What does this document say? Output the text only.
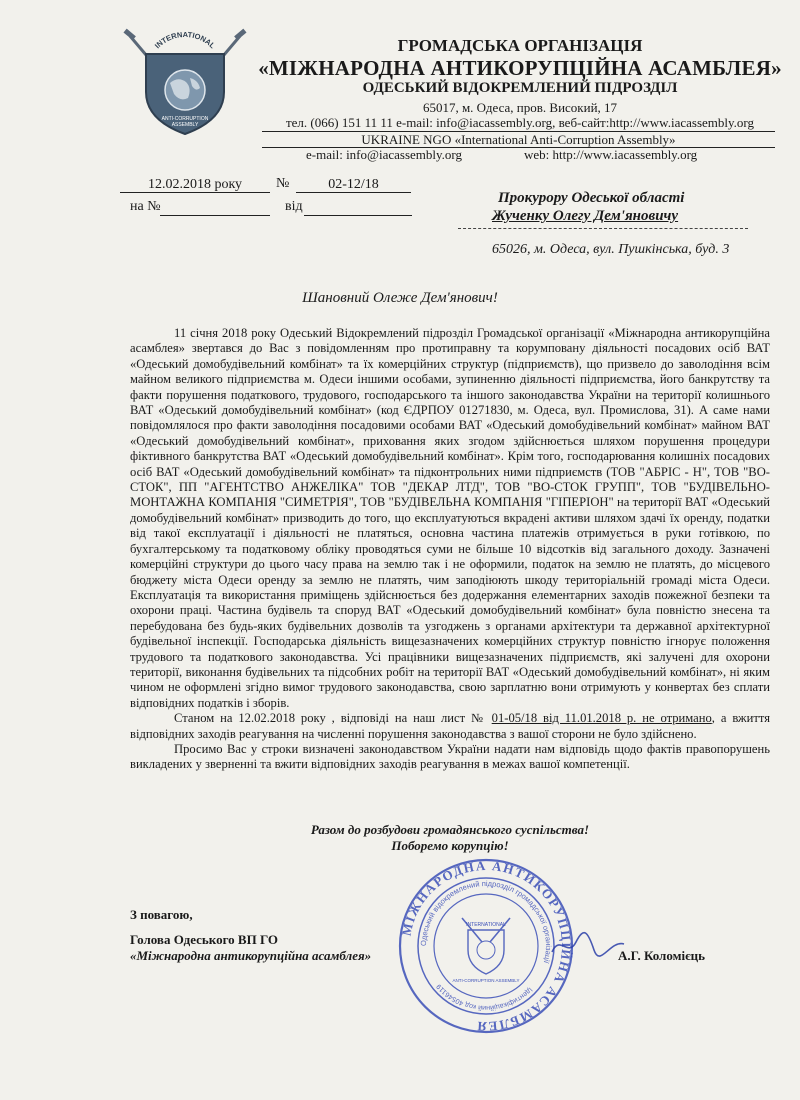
INTERNATIONAL
ANTI-CORRUPTION
ASSEMBLY
ГРОМАДСЬКА ОРГАНІЗАЦІЯ
«МІЖНАРОДНА АНТИКОРУПЦІЙНА АСАМБЛЕЯ»
ОДЕСЬКИЙ ВІДОКРЕМЛЕНИЙ ПІДРОЗДІЛ
65017, м. Одеса, пров. Високий, 17
тел. (066) 151 11 11 e-mail: info@iacassembly.org, веб-сайт:http://www.iacassembly.org
UKRAINE NGO «International Anti-Corruption Assembly»
e-mail: info@iacassembly.org	web: http://www.iacassembly.org
12.02.2018 року	№	02-12/18
на №	від
Прокурору Одеської області
Жученку Олегу Дем'яновичу
65026, м. Одеса, вул. Пушкінська, буд. 3
Шановний Олеже Дем'янович!

11 січня 2018 року Одеський Відокремлений підрозділ Громадської організації «Міжнародна антикорупційна асамблея» звертався до Вас з повідомленням про протиправну та корумповану діяльності посадових осіб ВАТ «Одеський домобудівельний комбінат» та їх комерційних структур (підприємств), що призвело до заволодіння всім майном великого підприємства м. Одеси іншими особами, зупиненню діяльності підприємства, його банкрутству та факти порушення податкового, трудового, господарського та іншого законодавства України на території колишнього ВАТ «Одеський домобудівельний комбінат» (код ЄДРПОУ 01271830, м. Одеса, вул. Промислова, 31). А саме нами повідомлялося про факти заволодіння посадовими особами ВАТ «Одеський домобудівельний комбінат» майном ВАТ «Одеський домобудівельний комбінат», приховання яких згодом здійснюється шляхом порушення процедури фіктивного банкрутства ВАТ «Одеський домобудівельний комбінат». Крім того, господарювання колишніх посадових осіб ВАТ «Одеський домобудівельний комбінат» та підконтрольних ними підприємств (ТОВ "АБРІС - Н", ТОВ "ВО-СТОК", ПП "АГЕНТСТВО АНЖЕЛІКА" ТОВ "ДЕКАР ЛТД", ТОВ "ВО-СТОК ГРУПП", ТОВ "БУДІВЕЛЬНО-МОНТАЖНА КОМПАНІЯ "СИМЕТРІЯ", ТОВ "БУДІВЕЛЬНА КОМПАНІЯ "ГІПЕРІОН" на території ВАТ «Одеський домобудівельний комбінат» призводить до того, що експлуатуються вкрадені активи шляхом здачі їх оренду, податки від такої експлуатації і діяльності не платяться, основна частина платежів отримується в руки готівкою, по бухгалтерському та податковому обліку проводяться суми не більше 10 відсотків від загального доходу. Зазначені комерційні структури до цього часу права на землю так і не оформили, податок на землю не платять, до місцевого бюджету міста Одеси оренду за землю не платять, чим заподіюють шкоду територіальній громаді міста Одеси. Експлуатація та використання приміщень здійснюється без додержання елементарних заходів пожежної безпеки та охорони праці. Частина будівель та споруд ВАТ «Одеський домобудівельний комбінат» була повністю знесена та перебудована без будь-яких будівельних дозволів та узгоджень з органами архітектури та державної архітектурної будівельної інспекції. Господарська діяльність вищезазначених комерційних структур повністю ігнорує положення трудового та податкового законодавства. Усі працівники вищезазначених підприємств, які залучені для охорони території, виконання будівельних та підсобних робіт на території ВАТ «Одеський домобудівельний комбінат», ні яким чином не оформлені згідно вимог трудового законодавства, свою зарплатню вони отримують у конвертах без сплати відповідних податків і зборів.

Станом на 12.02.2018 року , відповіді на наш лист № 01-05/18 від 11.01.2018 р. не отримано, а вжиття відповідних заходів реагування на численні порушення законодавства з вашої сторони не було здійснено.

Просимо Вас у строки визначені законодавством України надати нам відповідь щодо фактів правопорушень викладених у зверненні та вжити відповідних заходів реагування в межах вашої компетенції.

Разом до розбудови громадянського суспільства!
Поборемо корупцію!
З повагою,
Голова Одеського ВП ГО
«Міжнародна антикорупційна асамблея»	А.Г. Коломієць
МІЖНАРОДНА АНТИКОРУПЦІЙНА АСАМБЛЕЯ
Одеський відокремлений підрозділ громадської організації
Ідентифікаційний код 40546119
INTERNATIONAL
ANTI-CORRUPTION ASSEMBLY
